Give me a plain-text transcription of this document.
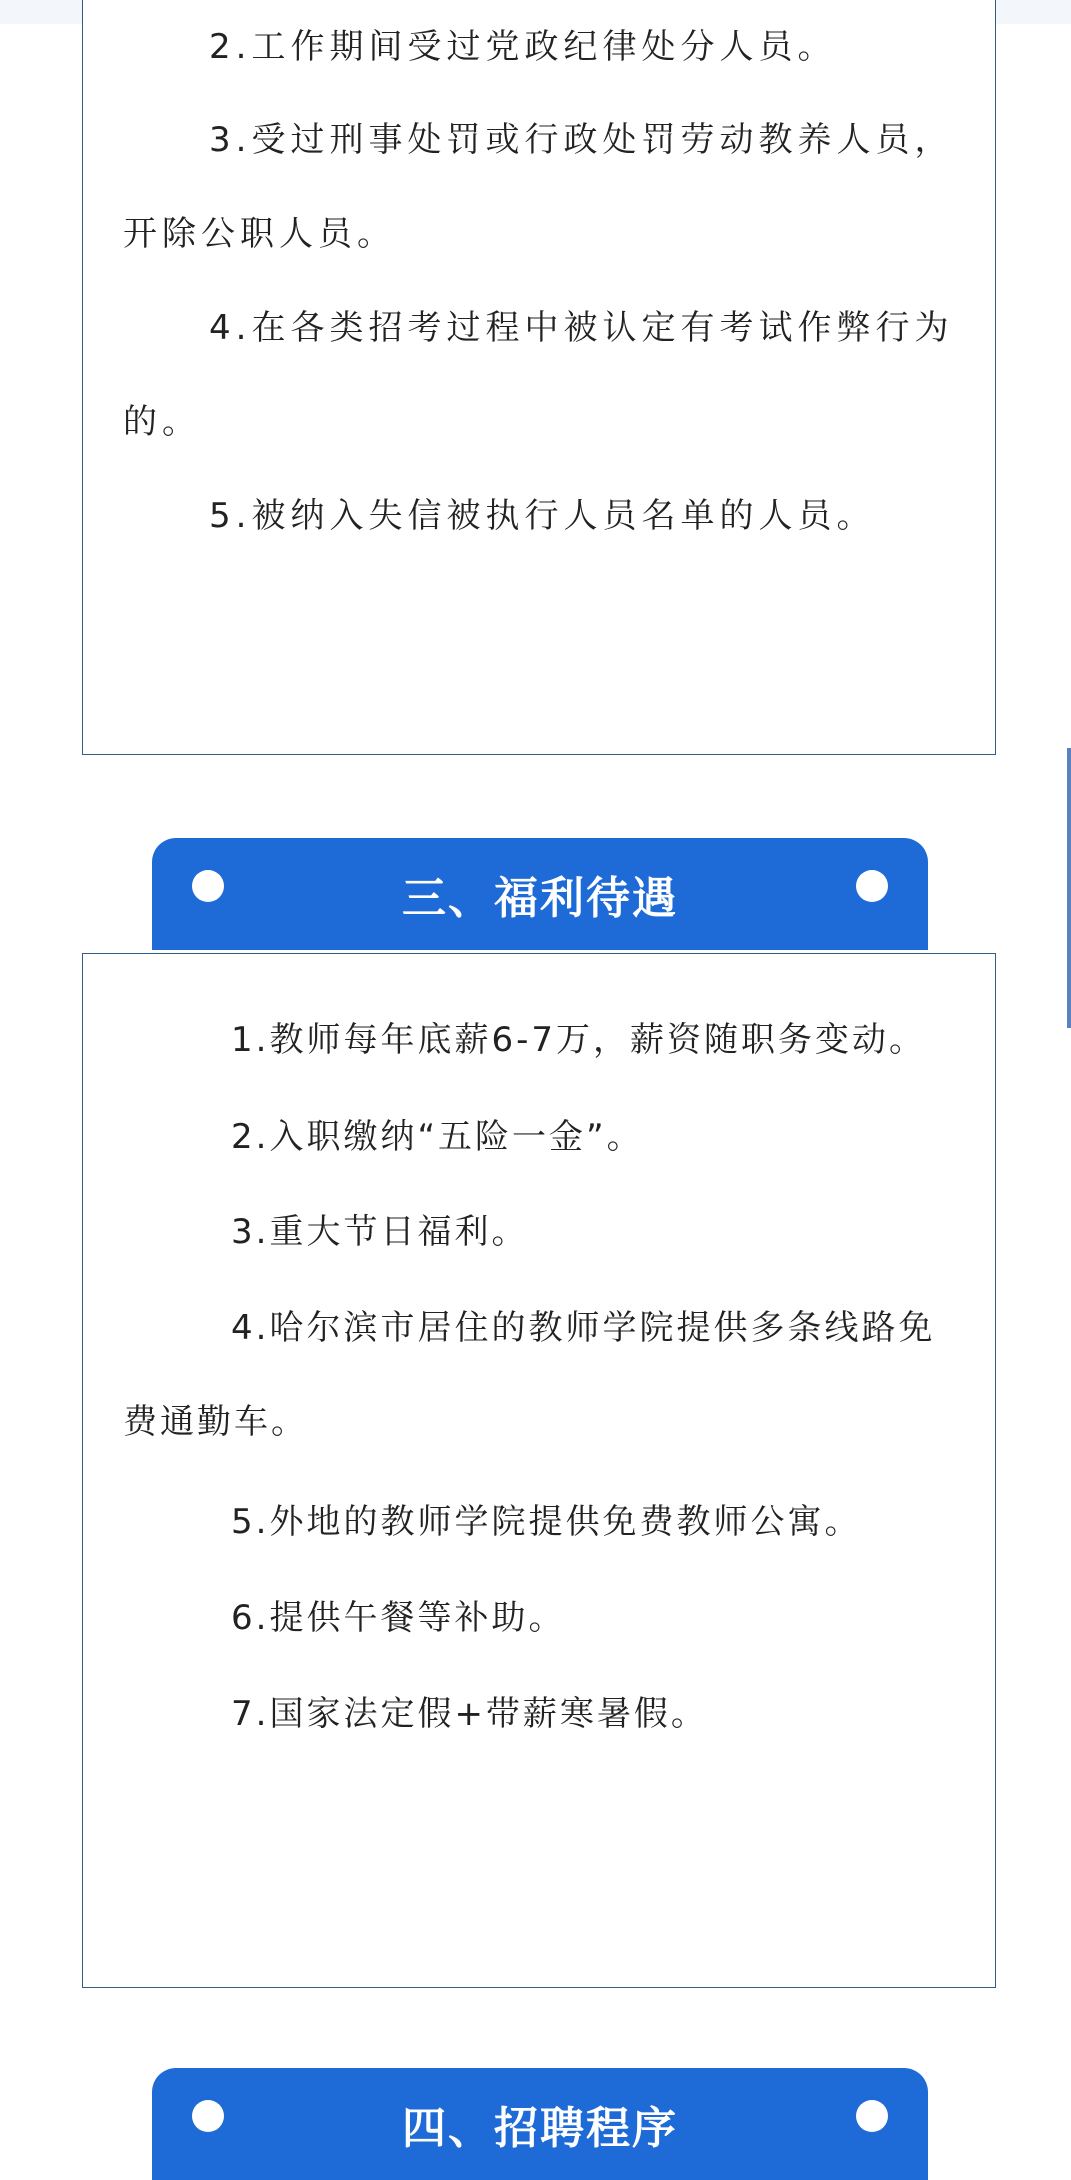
2.工作期间受过党政纪律处分人员。

3.受过刑事处罚或行政处罚劳动教养人员，开除公职人员。

4.在各类招考过程中被认定有考试作弊行为的。

5.被纳入失信被执行人员名单的人员。

三、福利待遇

1.教师每年底薪6-7万，薪资随职务变动。

2.入职缴纳“五险一金”。

3.重大节日福利。

4.哈尔滨市居住的教师学院提供多条线路免费通勤车。

5.外地的教师学院提供免费教师公寓。

6.提供午餐等补助。

7.国家法定假+带薪寒暑假。

四、招聘程序
